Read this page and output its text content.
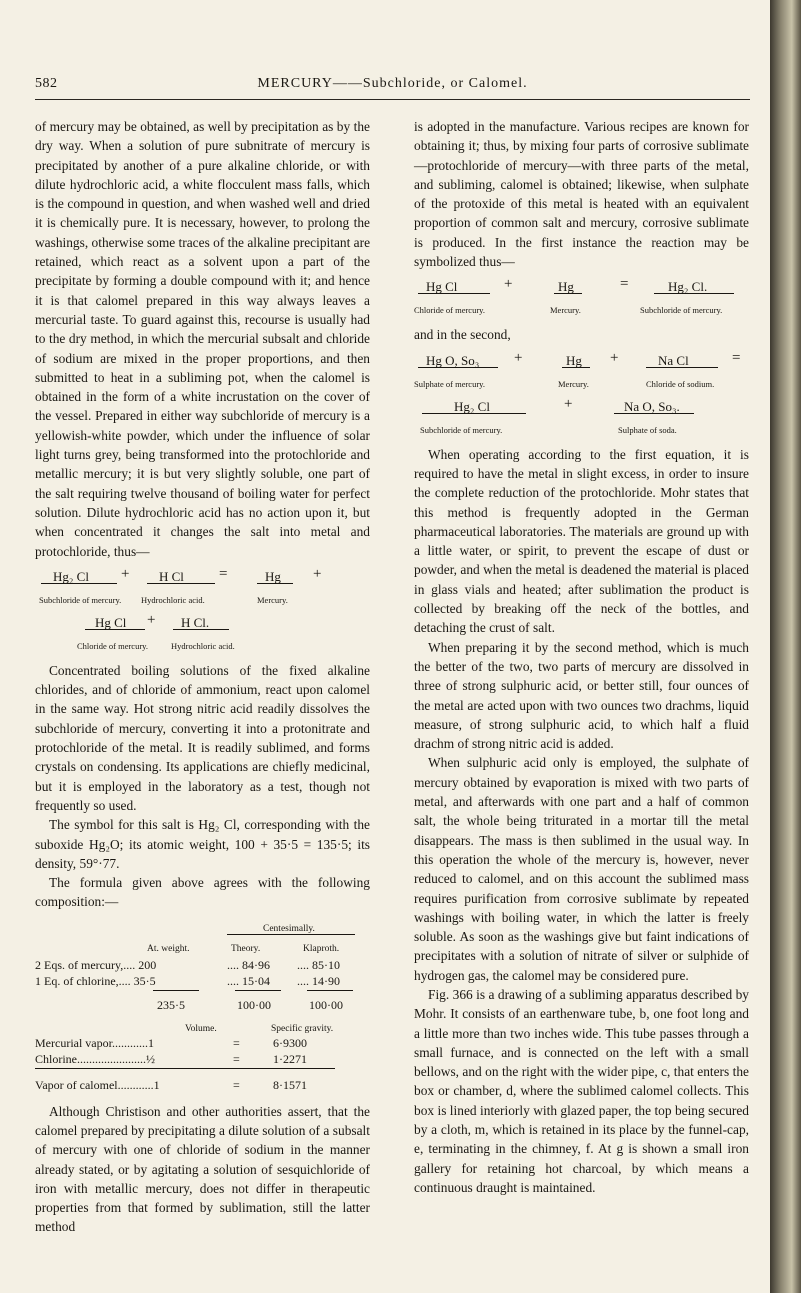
582	MERCURY——Subchloride, or Calomel.

of mercury may be obtained, as well by precipitation as by the dry way. When a solution of pure subnitrate of mercury is precipitated by another of a pure alkaline chloride, or with dilute hydrochloric acid, a white flocculent mass falls, which is the compound in question, and when washed well and dried it is chemically pure. It is necessary, however, to prolong the washings, otherwise some traces of the alkaline precipitant are retained, which react as a solvent upon a part of the precipitate by forming a double compound with it; and hence it is that calomel prepared in this way always leaves a mercurial taste. To guard against this, recourse is usually had to the dry method, in which the mercurial subsalt and chloride of sodium are mixed in the proper proportions, and then submitted to heat in a subliming pot, when the calomel is obtained in the form of a white incrustation on the cover of the vessel. Prepared in either way subchloride of mercury is a yellowish-white powder, which under the influence of solar light turns grey, being transformed into the protochloride and metallic mercury; it is but very slightly soluble, one part of the salt requiring twelve thousand of boiling water for perfect solution. Dilute hydrochloric acid has no action upon it, but when concentrated it changes the salt into metal and protochloride, thus—

Hg₂ Cl + H Cl =	Hg +
Subchloride of mercury. Hydrochloric acid.	Mercury.
Hg Cl + H Cl.
Chloride of mercury.	Hydrochloric acid.

Concentrated boiling solutions of the fixed alkaline chlorides, and of chloride of ammonium, react upon calomel in the same way. Hot strong nitric acid readily dissolves the subchloride of mercury, converting it into a protonitrate and protochloride of the metal. It is readily sublimed, and forms crystals on condensing. Its applications are chiefly medicinal, but it is employed in the laboratory as a test, though not frequently so used.

The symbol for this salt is Hg₂ Cl, corresponding with the suboxide Hg₂O; its atomic weight, 100 + 35·5 = 135·5; its density, 59°·77.

The formula given above agrees with the following composition:—

Centesimally.
At. weight.	Theory.	Klaproth.
2 Eqs. of mercury,.... 200	.... 84·96 .... 85·10
1 Eq. of chlorine,.... 35·5	.... 15·04 .... 14·90
235·5	100·00	100·00
Volume.	Specific gravity.
Mercurial vapor............1	=	6·9300
Chlorine.......................½	=	1·2271
Vapor of calomel............1	=	8·1571

Although Christison and other authorities assert, that the calomel prepared by precipitating a dilute solution of a subsalt of mercury with one of chloride of sodium in the manner already stated, or by agitating a solution of sesquichloride of iron with metallic mercury, does not differ in therapeutic properties from that formed by sublimation, still the latter method

is adopted in the manufacture. Various recipes are known for obtaining it; thus, by mixing four parts of corrosive sublimate—protochloride of mercury—with three parts of the metal, and subliming, calomel is obtained; likewise, when sulphate of the protoxide of this metal is heated with an equivalent proportion of common salt and mercury, corrosive sublimate is produced. In the first instance the reaction may be symbolized thus—

Hg Cl	+	Hg	=	Hg₂ Cl.
Chloride of mercury.	Mercury.	Subchloride of mercury.

and in the second,

Hg O, So₃ +	Hg +	Na Cl	=
Sulphate of mercury.	Mercury.	Chloride of sodium.
Hg₂ Cl	+	Na O, So₃.
Subchloride of mercury.	Sulphate of soda.

When operating according to the first equation, it is required to have the metal in slight excess, in order to insure the complete reduction of the protochloride. Mohr states that this method is frequently adopted in the German pharmaceutical laboratories. The materials are ground up with a little water, or spirit, to prevent the escape of dust or powder, and when the metal is deadened the material is placed in glass vials and heated; after sublimation the product is collected by breaking off the neck of the bottles, and detaching the crust of salt.

When preparing it by the second method, which is much the better of the two, two parts of mercury are dissolved in three of strong sulphuric acid, or better still, four ounces of the metal are acted upon with two ounces two drachms, liquid measure, of strong sulphuric acid, to which half a fluid drachm of strong nitric acid is added.

When sulphuric acid only is employed, the sulphate of mercury obtained by evaporation is mixed with two parts of metal, and afterwards with one part and a half of common salt, the whole being triturated in a mortar till the metal disappears. The mass is then sublimed in the usual way. In this operation the whole of the mercury is, however, never reduced to calomel, and on this account the sublimed mass requires purification from corrosive sublimate by repeated washings with boiling water, in which the latter is freely soluble. As soon as the washings give but faint indications of precipitates with a solution of nitrate of silver or sulphide of hydrogen gas, the calomel may be considered pure.

Fig. 366 is a drawing of a subliming apparatus described by Mohr. It consists of an earthenware tube, b, one foot long and a little more than two inches wide. This tube passes through a small furnace, and is connected on the left with a small bellows, and on the right with the wider pipe, c, that enters the box or chamber, d, where the sublimed calomel collects. This box is lined interiorly with glazed paper, the top being secured by a cloth, m, which is retained in its place by the funnel-cap, e, terminating in the chimney, f. At g is shown a small iron gallery for retaining hot charcoal, by which means a continuous draught is maintained.
